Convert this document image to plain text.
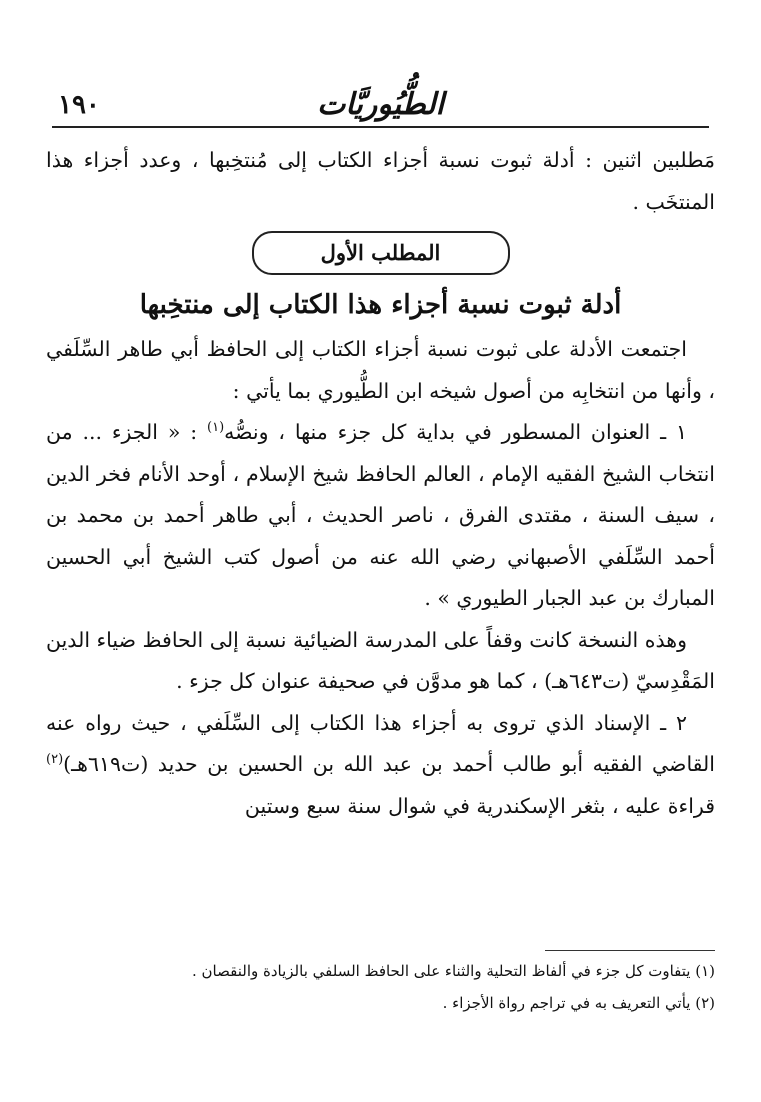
١٩٠	الطُّيُوريَّات

مَطلبين اثنين : أدلة ثبوت نسبة أجزاء الكتاب إلى مُنتخِبها ، وعدد أجزاء هذا المنتخَب .

المطلب الأول
أدلة ثبوت نسبة أجزاء هذا الكتاب إلى منتخِبها

اجتمعت الأدلة على ثبوت نسبة أجزاء الكتاب إلى الحافظ أبي طاهر السِّلَفي ، وأنها من انتخابِه من أصول شيخه ابن الطُّيوري بما يأتي :

١ ـ العنوان المسطور في بداية كل جزء منها ، ونصُّه$^{(١)}$ : « الجزء ... من انتخاب الشيخ الفقيه الإمام ، العالم الحافظ شيخ الإسلام ، أوحد الأنام فخر الدين ، سيف السنة ، مقتدى الفرق ، ناصر الحديث ، أبي طاهر أحمد بن محمد بن أحمد السِّلَفي الأصبهاني رضي الله عنه من أصول كتب الشيخ أبي الحسين المبارك بن عبد الجبار الطيوري » .

وهذه النسخة كانت وقفاً على المدرسة الضيائية نسبة إلى الحافظ ضياء الدين المَقْدِسيّ (ت٦٤٣هـ) ، كما هو مدوَّن في صحيفة عنوان كل جزء .

٢ ـ الإسناد الذي تروى به أجزاء هذا الكتاب إلى السِّلَفي ، حيث رواه عنه القاضي الفقيه أبو طالب أحمد بن عبد الله بن الحسين بن حديد (ت٦١٩هـ)$^{(٢)}$ قراءة عليه ، بثغر الإسكندرية في شوال سنة سبع وستين

(١) يتفاوت كل جزء في ألفاظ التحلية والثناء على الحافظ السلفي بالزيادة والنقصان .

(٢) يأتي التعريف به في تراجم رواة الأجزاء .
